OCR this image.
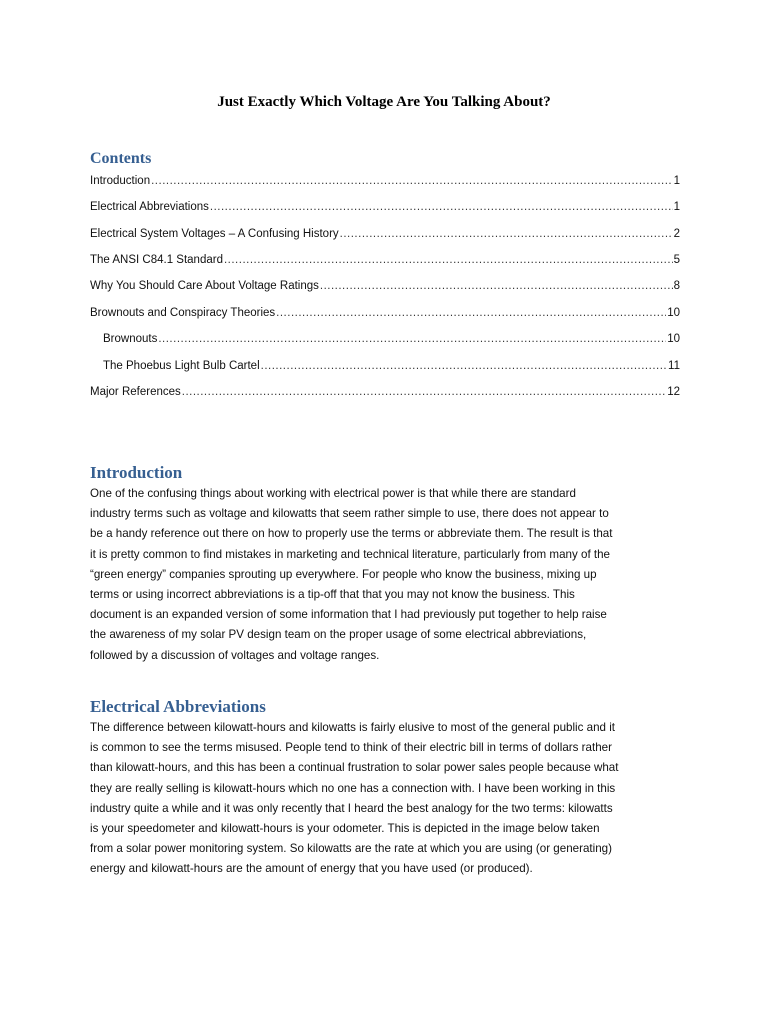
Just Exactly Which Voltage Are You Talking About?
Contents
Introduction .....	1
Electrical Abbreviations .....	1
Electrical System Voltages – A Confusing History .....	2
The ANSI C84.1 Standard .....	5
Why You Should Care About Voltage Ratings .....	8
Brownouts and Conspiracy Theories .....	10
Brownouts .....	10
The Phoebus Light Bulb Cartel .....	11
Major References .....	12
Introduction

One of the confusing things about working with electrical power is that while there are standard
industry terms such as voltage and kilowatts that seem rather simple to use, there does not appear to
be a handy reference out there on how to properly use the terms or abbreviate them. The result is that
it is pretty common to find mistakes in marketing and technical literature, particularly from many of the
“green energy” companies sprouting up everywhere. For people who know the business, mixing up
terms or using incorrect abbreviations is a tip-off that that you may not know the business. This
document is an expanded version of some information that I had previously put together to help raise
the awareness of my solar PV design team on the proper usage of some electrical abbreviations,
followed by a discussion of voltages and voltage ranges.

Electrical Abbreviations

The difference between kilowatt-hours and kilowatts is fairly elusive to most of the general public and it
is common to see the terms misused. People tend to think of their electric bill in terms of dollars rather
than kilowatt-hours, and this has been a continual frustration to solar power sales people because what
they are really selling is kilowatt-hours which no one has a connection with. I have been working in this
industry quite a while and it was only recently that I heard the best analogy for the two terms: kilowatts
is your speedometer and kilowatt-hours is your odometer. This is depicted in the image below taken
from a solar power monitoring system. So kilowatts are the rate at which you are using (or generating)
energy and kilowatt-hours are the amount of energy that you have used (or produced).
